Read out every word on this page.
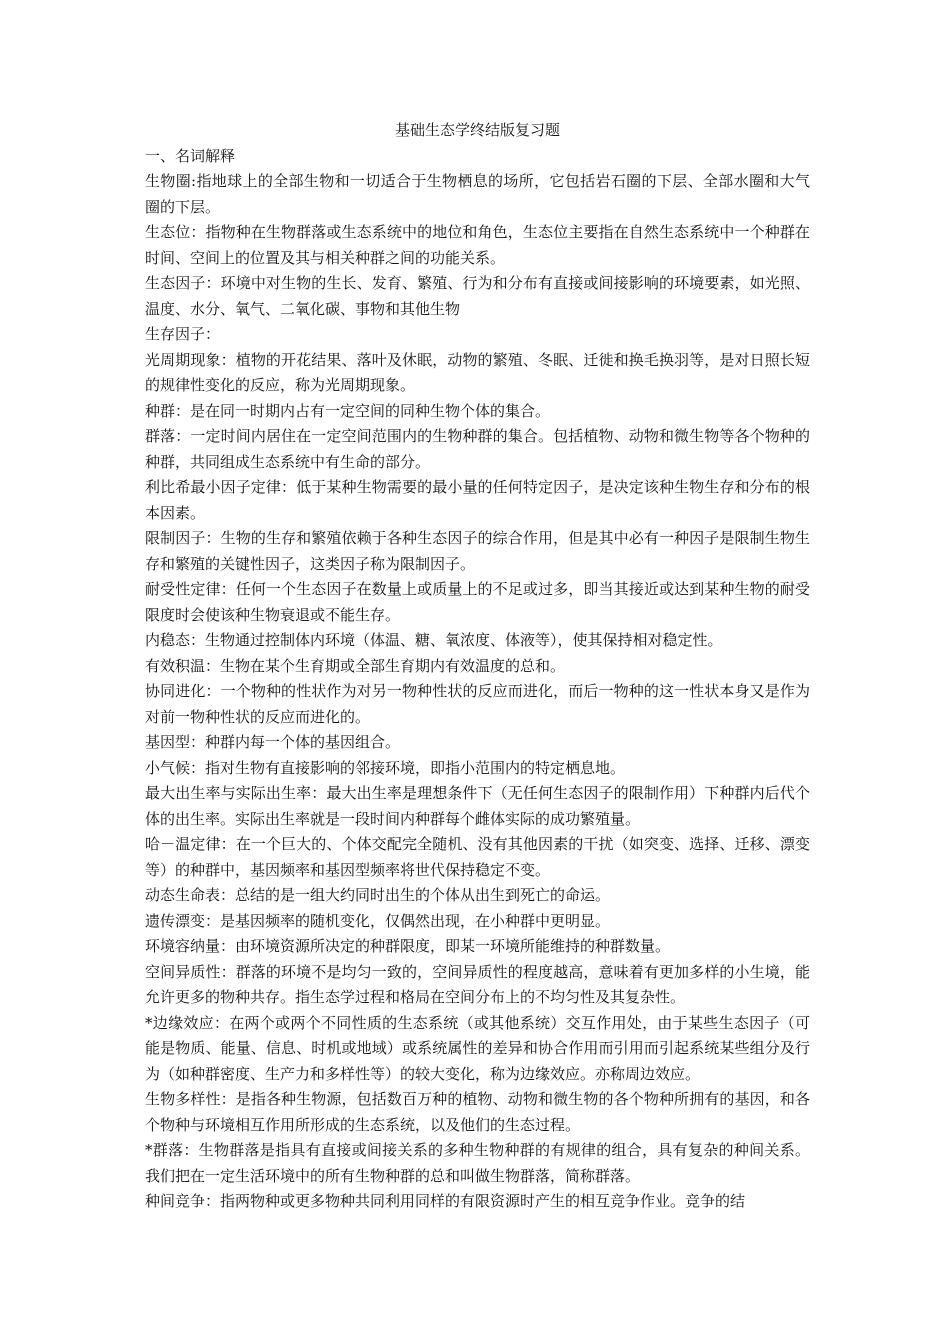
基础生态学终结版复习题

一、名词解释

生物圈:指地球上的全部生物和一切适合于生物栖息的场所，它包括岩石圈的下层、全部水圈和大气圈的下层。

生态位：指物种在生物群落或生态系统中的地位和角色，生态位主要指在自然生态系统中一个种群在时间、空间上的位置及其与相关种群之间的功能关系。

生态因子：环境中对生物的生长、发育、繁殖、行为和分布有直接或间接影响的环境要素，如光照、温度、水分、氧气、二氧化碳、事物和其他生物

生存因子：

光周期现象：植物的开花结果、落叶及休眠，动物的繁殖、冬眠、迁徙和换毛换羽等，是对日照长短的规律性变化的反应，称为光周期现象。

种群：是在同一时期内占有一定空间的同种生物个体的集合。

群落：一定时间内居住在一定空间范围内的生物种群的集合。包括植物、动物和微生物等各个物种的种群，共同组成生态系统中有生命的部分。

利比希最小因子定律：低于某种生物需要的最小量的任何特定因子，是决定该种生物生存和分布的根本因素。

限制因子：生物的生存和繁殖依赖于各种生态因子的综合作用，但是其中必有一种因子是限制生物生存和繁殖的关键性因子，这类因子称为限制因子。

耐受性定律：任何一个生态因子在数量上或质量上的不足或过多，即当其接近或达到某种生物的耐受限度时会使该种生物衰退或不能生存。

内稳态：生物通过控制体内环境（体温、糖、氧浓度、体液等），使其保持相对稳定性。

有效积温：生物在某个生育期或全部生育期内有效温度的总和。

协同进化：一个物种的性状作为对另一物种性状的反应而进化，而后一物种的这一性状本身又是作为对前一物种性状的反应而进化的。

基因型：种群内每一个体的基因组合。

小气候：指对生物有直接影响的邻接环境，即指小范围内的特定栖息地。

最大出生率与实际出生率：最大出生率是理想条件下（无任何生态因子的限制作用）下种群内后代个体的出生率。实际出生率就是一段时间内种群每个雌体实际的成功繁殖量。

哈－温定律：在一个巨大的、个体交配完全随机、没有其他因素的干扰（如突变、选择、迁移、漂变等）的种群中，基因频率和基因型频率将世代保持稳定不变。

动态生命表：总结的是一组大约同时出生的个体从出生到死亡的命运。

遗传漂变：是基因频率的随机变化，仅偶然出现，在小种群中更明显。

环境容纳量：由环境资源所决定的种群限度，即某一环境所能维持的种群数量。

空间异质性：群落的环境不是均匀一致的，空间异质性的程度越高，意味着有更加多样的小生境，能允许更多的物种共存。指生态学过程和格局在空间分布上的不均匀性及其复杂性。

*边缘效应：在两个或两个不同性质的生态系统（或其他系统）交互作用处，由于某些生态因子（可能是物质、能量、信息、时机或地域）或系统属性的差异和协合作用而引用而引起系统某些组分及行为（如种群密度、生产力和多样性等）的较大变化，称为边缘效应。亦称周边效应。

生物多样性：是指各种生物源，包括数百万种的植物、动物和微生物的各个物种所拥有的基因，和各个物种与环境相互作用所形成的生态系统，以及他们的生态过程。

*群落：生物群落是指具有直接或间接关系的多种生物种群的有规律的组合，具有复杂的种间关系。我们把在一定生活环境中的所有生物种群的总和叫做生物群落，简称群落。

种间竞争：指两物种或更多物种共同利用同样的有限资源时产生的相互竞争作业。竞争的结
